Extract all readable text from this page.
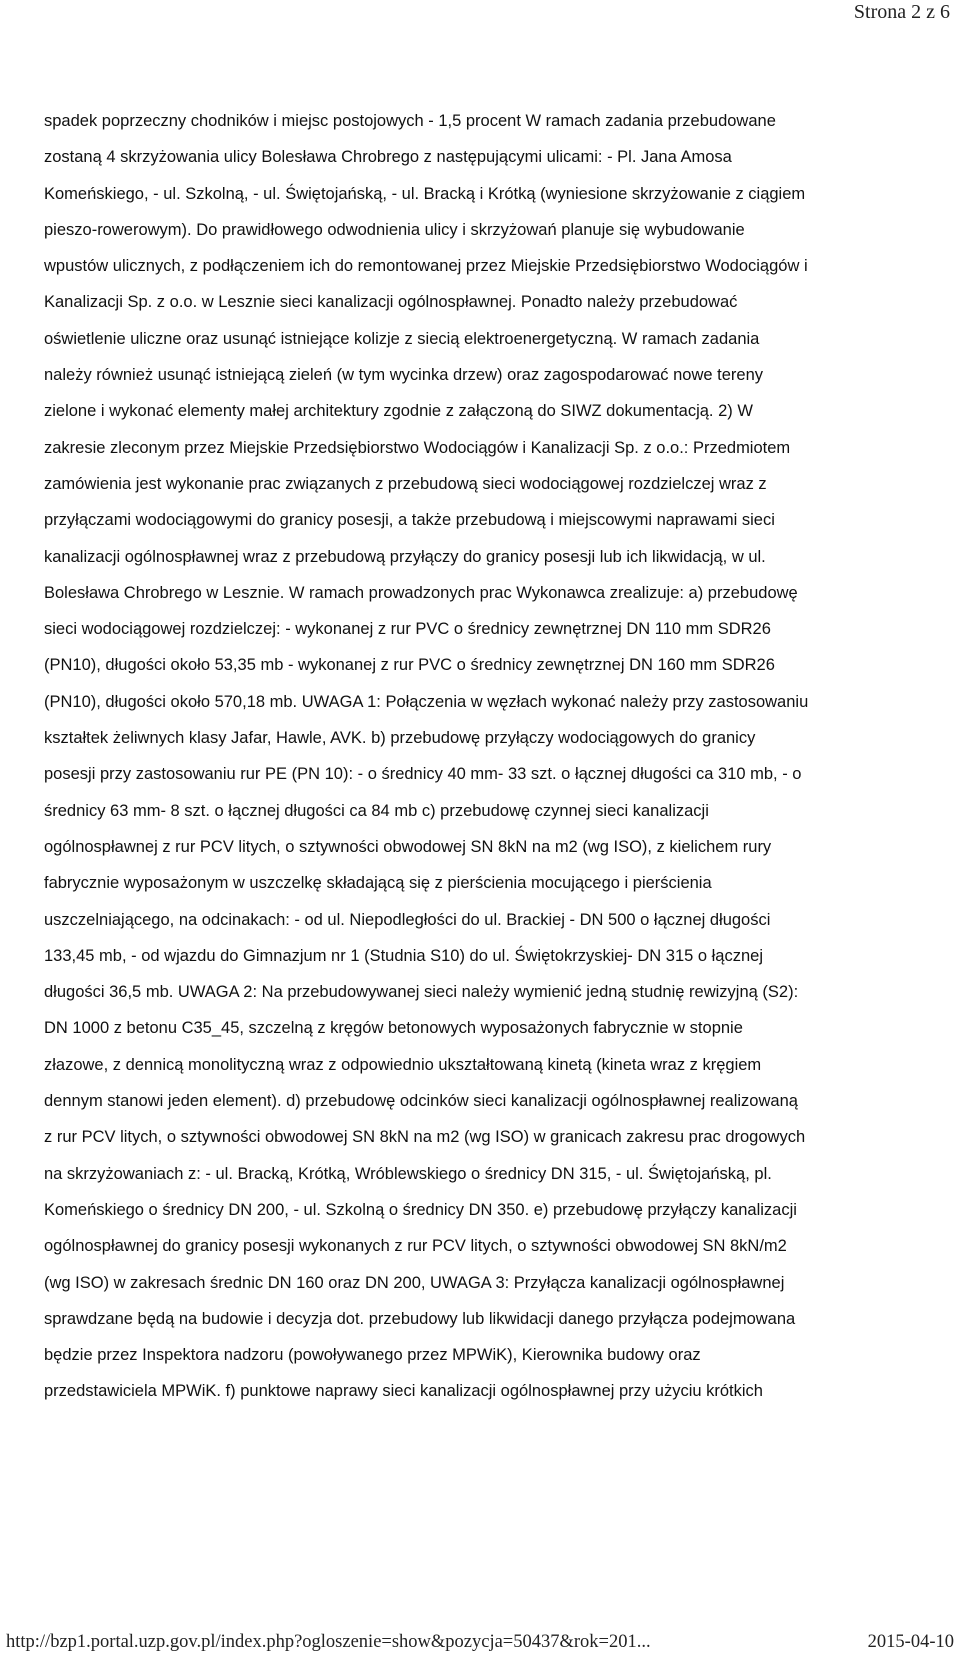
Strona 2 z 6

spadek poprzeczny chodników i miejsc postojowych - 1,5 procent W ramach zadania przebudowane
zostaną 4 skrzyżowania ulicy Bolesława Chrobrego z następującymi ulicami: - Pl. Jana Amosa
Komeńskiego, - ul. Szkolną, - ul. Świętojańską, - ul. Bracką i Krótką (wyniesione skrzyżowanie z ciągiem
pieszo-rowerowym). Do prawidłowego odwodnienia ulicy i skrzyżowań planuje się wybudowanie
wpustów ulicznych, z podłączeniem ich do remontowanej przez Miejskie Przedsiębiorstwo Wodociągów i
Kanalizacji Sp. z o.o. w Lesznie sieci kanalizacji ogólnospławnej. Ponadto należy przebudować
oświetlenie uliczne oraz usunąć istniejące kolizje z siecią elektroenergetyczną. W ramach zadania
należy również usunąć istniejącą zieleń (w tym wycinka drzew) oraz zagospodarować nowe tereny
zielone i wykonać elementy małej architektury zgodnie z załączoną do SIWZ dokumentacją. 2) W
zakresie zleconym przez Miejskie Przedsiębiorstwo Wodociągów i Kanalizacji Sp. z o.o.: Przedmiotem
zamówienia jest wykonanie prac związanych z przebudową sieci wodociągowej rozdzielczej wraz z
przyłączami wodociągowymi do granicy posesji, a także przebudową i miejscowymi naprawami sieci
kanalizacji ogólnospławnej wraz z przebudową przyłączy do granicy posesji lub ich likwidacją, w ul.
Bolesława Chrobrego w Lesznie. W ramach prowadzonych prac Wykonawca zrealizuje: a) przebudowę
sieci wodociągowej rozdzielczej: - wykonanej z rur PVC o średnicy zewnętrznej DN 110 mm SDR26
(PN10), długości około 53,35 mb - wykonanej z rur PVC o średnicy zewnętrznej DN 160 mm SDR26
(PN10), długości około 570,18 mb. UWAGA 1: Połączenia w węzłach wykonać należy przy zastosowaniu
kształtek żeliwnych klasy Jafar, Hawle, AVK. b) przebudowę przyłączy wodociągowych do granicy
posesji przy zastosowaniu rur PE (PN 10): - o średnicy 40 mm- 33 szt. o łącznej długości ca 310 mb, - o
średnicy 63 mm- 8 szt. o łącznej długości ca 84 mb c) przebudowę czynnej sieci kanalizacji
ogólnospławnej z rur PCV litych, o sztywności obwodowej SN 8kN na m2 (wg ISO), z kielichem rury
fabrycznie wyposażonym w uszczelkę składającą się z pierścienia mocującego i pierścienia
uszczelniającego, na odcinakach: - od ul. Niepodległości do ul. Brackiej - DN 500 o łącznej długości
133,45 mb, - od wjazdu do Gimnazjum nr 1 (Studnia S10) do ul. Świętokrzyskiej- DN 315 o łącznej
długości 36,5 mb. UWAGA 2: Na przebudowywanej sieci należy wymienić jedną studnię rewizyjną (S2):
DN 1000 z betonu C35_45, szczelną z kręgów betonowych wyposażonych fabrycznie w stopnie
złazowe, z dennicą monolityczną wraz z odpowiednio ukształtowaną kinetą (kineta wraz z kręgiem
dennym stanowi jeden element). d) przebudowę odcinków sieci kanalizacji ogólnospławnej realizowaną
z rur PCV litych, o sztywności obwodowej SN 8kN na m2 (wg ISO) w granicach zakresu prac drogowych
na skrzyżowaniach z: - ul. Bracką, Krótką, Wróblewskiego o średnicy DN 315, - ul. Świętojańską, pl.
Komeńskiego o średnicy DN 200, - ul. Szkolną o średnicy DN 350. e) przebudowę przyłączy kanalizacji
ogólnospławnej do granicy posesji wykonanych z rur PCV litych, o sztywności obwodowej SN 8kN/m2
(wg ISO) w zakresach średnic DN 160 oraz DN 200, UWAGA 3: Przyłącza kanalizacji ogólnospławnej
sprawdzane będą na budowie i decyzja dot. przebudowy lub likwidacji danego przyłącza podejmowana
będzie przez Inspektora nadzoru (powoływanego przez MPWiK), Kierownika budowy oraz
przedstawiciela MPWiK. f) punktowe naprawy sieci kanalizacji ogólnospławnej przy użyciu krótkich

http://bzp1.portal.uzp.gov.pl/index.php?ogloszenie=show&pozycja=50437&rok=201...	2015-04-10
